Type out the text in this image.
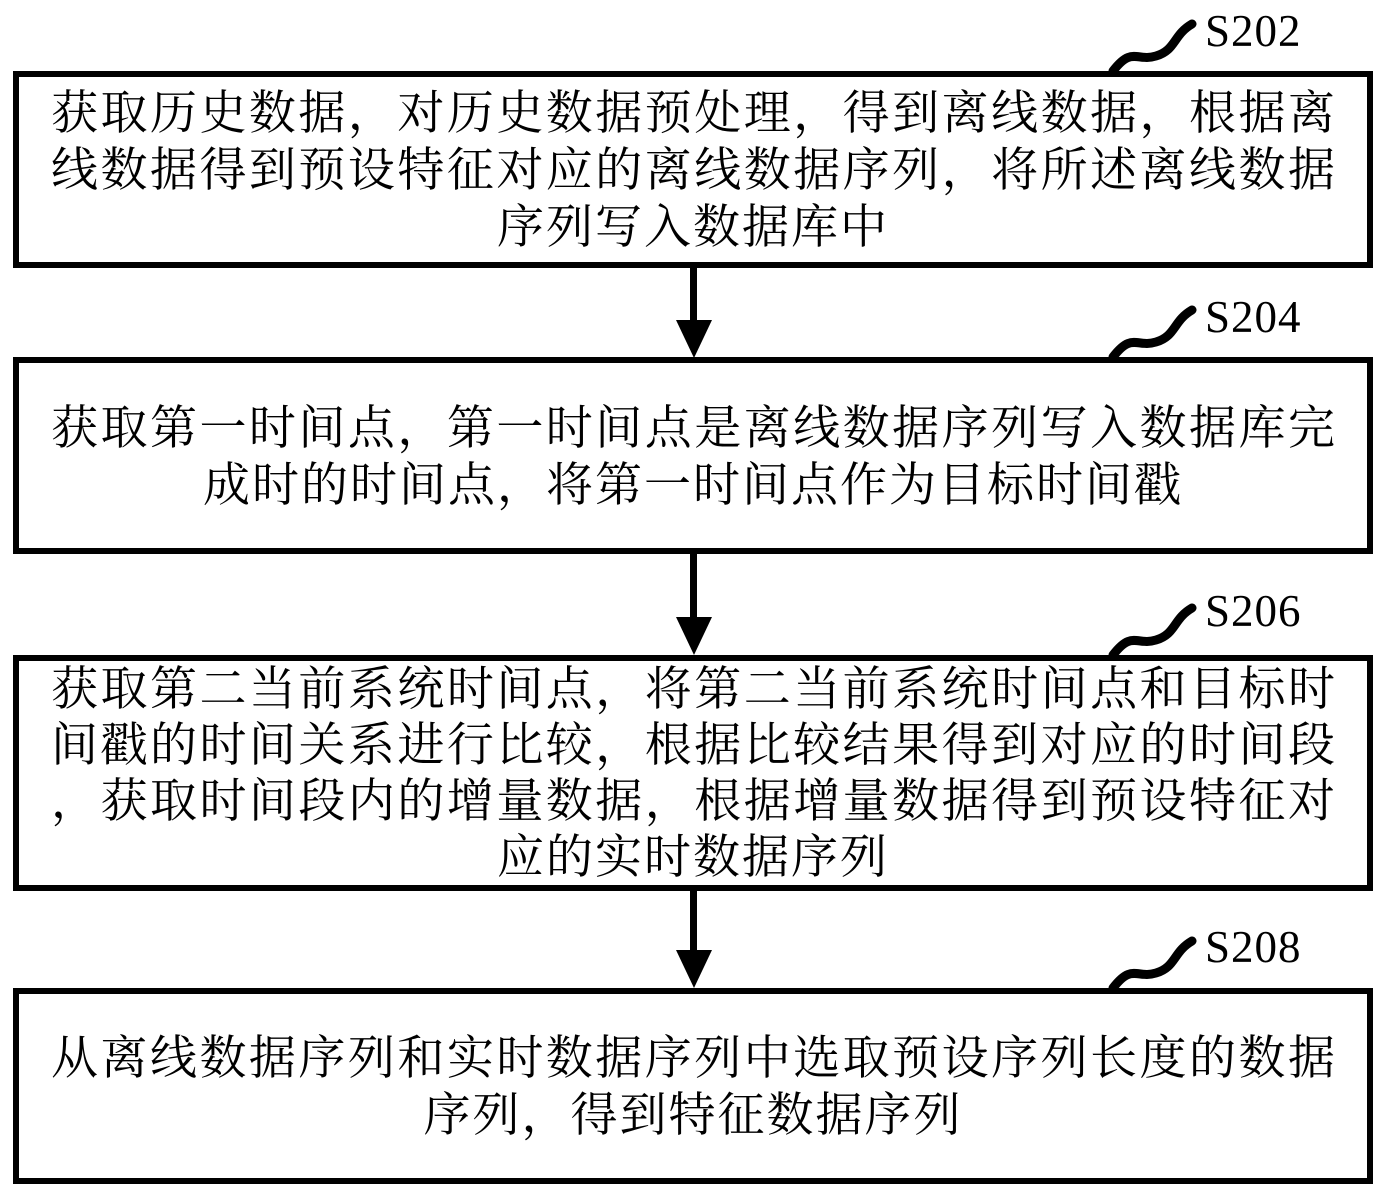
S202
获取历史数据，对历史数据预处理，得到离线数据，根据离
线数据得到预设特征对应的离线数据序列，将所述离线数据
序列写入数据库中
S204
获取第一时间点，第一时间点是离线数据序列写入数据库完
成时的时间点，将第一时间点作为目标时间戳
S206
获取第二当前系统时间点，将第二当前系统时间点和目标时
间戳的时间关系进行比较，根据比较结果得到对应的时间段
，获取时间段内的增量数据，根据增量数据得到预设特征对
应的实时数据序列
S208
从离线数据序列和实时数据序列中选取预设序列长度的数据
序列，得到特征数据序列
